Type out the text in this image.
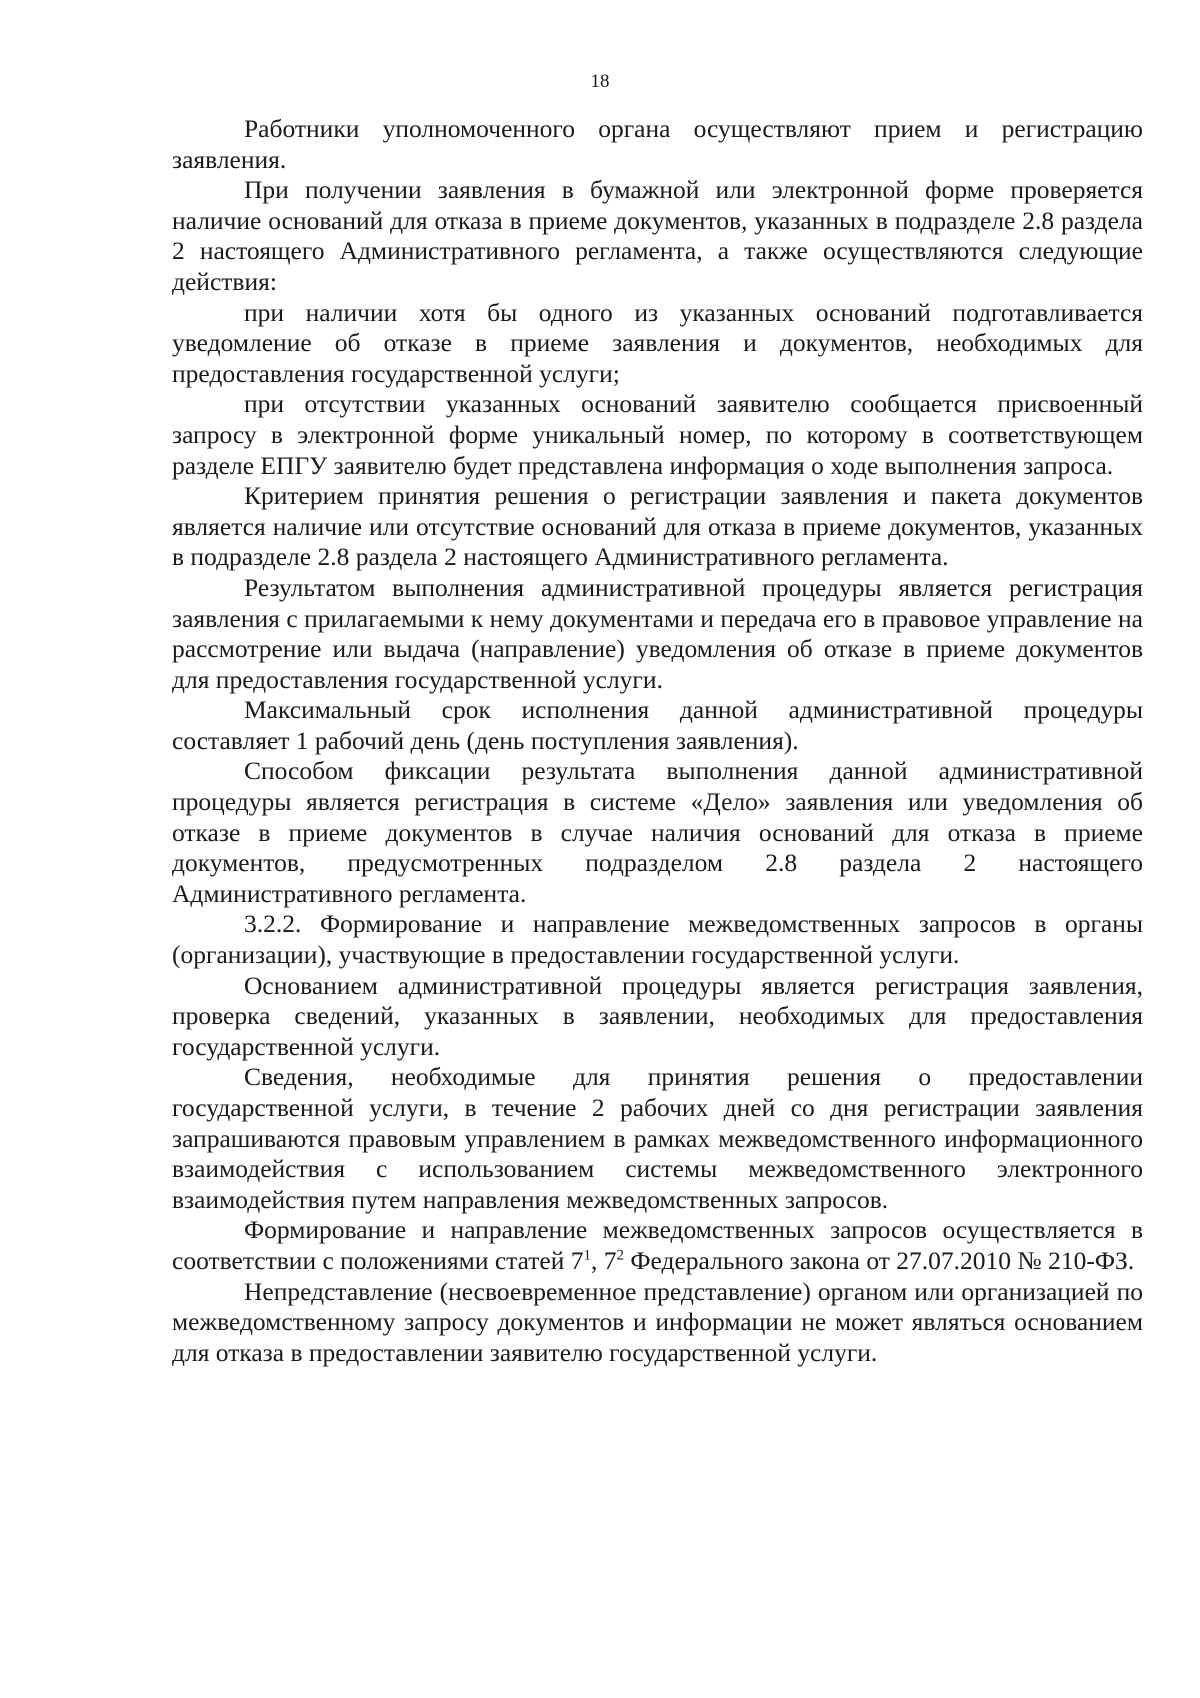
18

Работники уполномоченного органа осуществляют прием и регистрацию заявления.

При получении заявления в бумажной или электронной форме проверяется наличие оснований для отказа в приеме документов, указанных в подразделе 2.8 раздела 2 настоящего Административного регламента, а также осуществляются следующие действия:

при наличии хотя бы одного из указанных оснований подготавливается уведомление об отказе в приеме заявления и документов, необходимых для предоставления государственной услуги;

при отсутствии указанных оснований заявителю сообщается присвоенный запросу в электронной форме уникальный номер, по которому в соответствующем разделе ЕПГУ заявителю будет представлена информация о ходе выполнения запроса.

Критерием принятия решения о регистрации заявления и пакета документов является наличие или отсутствие оснований для отказа в приеме документов, указанных в подразделе 2.8 раздела 2 настоящего Административного регламента.

Результатом выполнения административной процедуры является регистрация заявления с прилагаемыми к нему документами и передача его в правовое управление на рассмотрение или выдача (направление) уведомления об отказе в приеме документов для предоставления государственной услуги.

Максимальный срок исполнения данной административной процедуры составляет 1 рабочий день (день поступления заявления).

Способом фиксации результата выполнения данной административной процедуры является регистрация в системе «Дело» заявления или уведомления об отказе в приеме документов в случае наличия оснований для отказа в приеме документов, предусмотренных подразделом 2.8 раздела 2 настоящего Административного регламента.

3.2.2. Формирование и направление межведомственных запросов в органы (организации), участвующие в предоставлении государственной услуги.

Основанием административной процедуры является регистрация заявления, проверка сведений, указанных в заявлении, необходимых для предоставления государственной услуги.

Сведения, необходимые для принятия решения о предоставлении государственной услуги, в течение 2 рабочих дней со дня регистрации заявления запрашиваются правовым управлением в рамках межведомственного информационного взаимодействия с использованием системы межведомственного электронного взаимодействия путем направления межведомственных запросов.

Формирование и направление межведомственных запросов осуществляется в соответствии с положениями статей $7^1$, $7^2$ Федерального закона от 27.07.2010 № 210-ФЗ.

Непредставление (несвоевременное представление) органом или организацией по межведомственному запросу документов и информации не может являться основанием для отказа в предоставлении заявителю государственной услуги.
